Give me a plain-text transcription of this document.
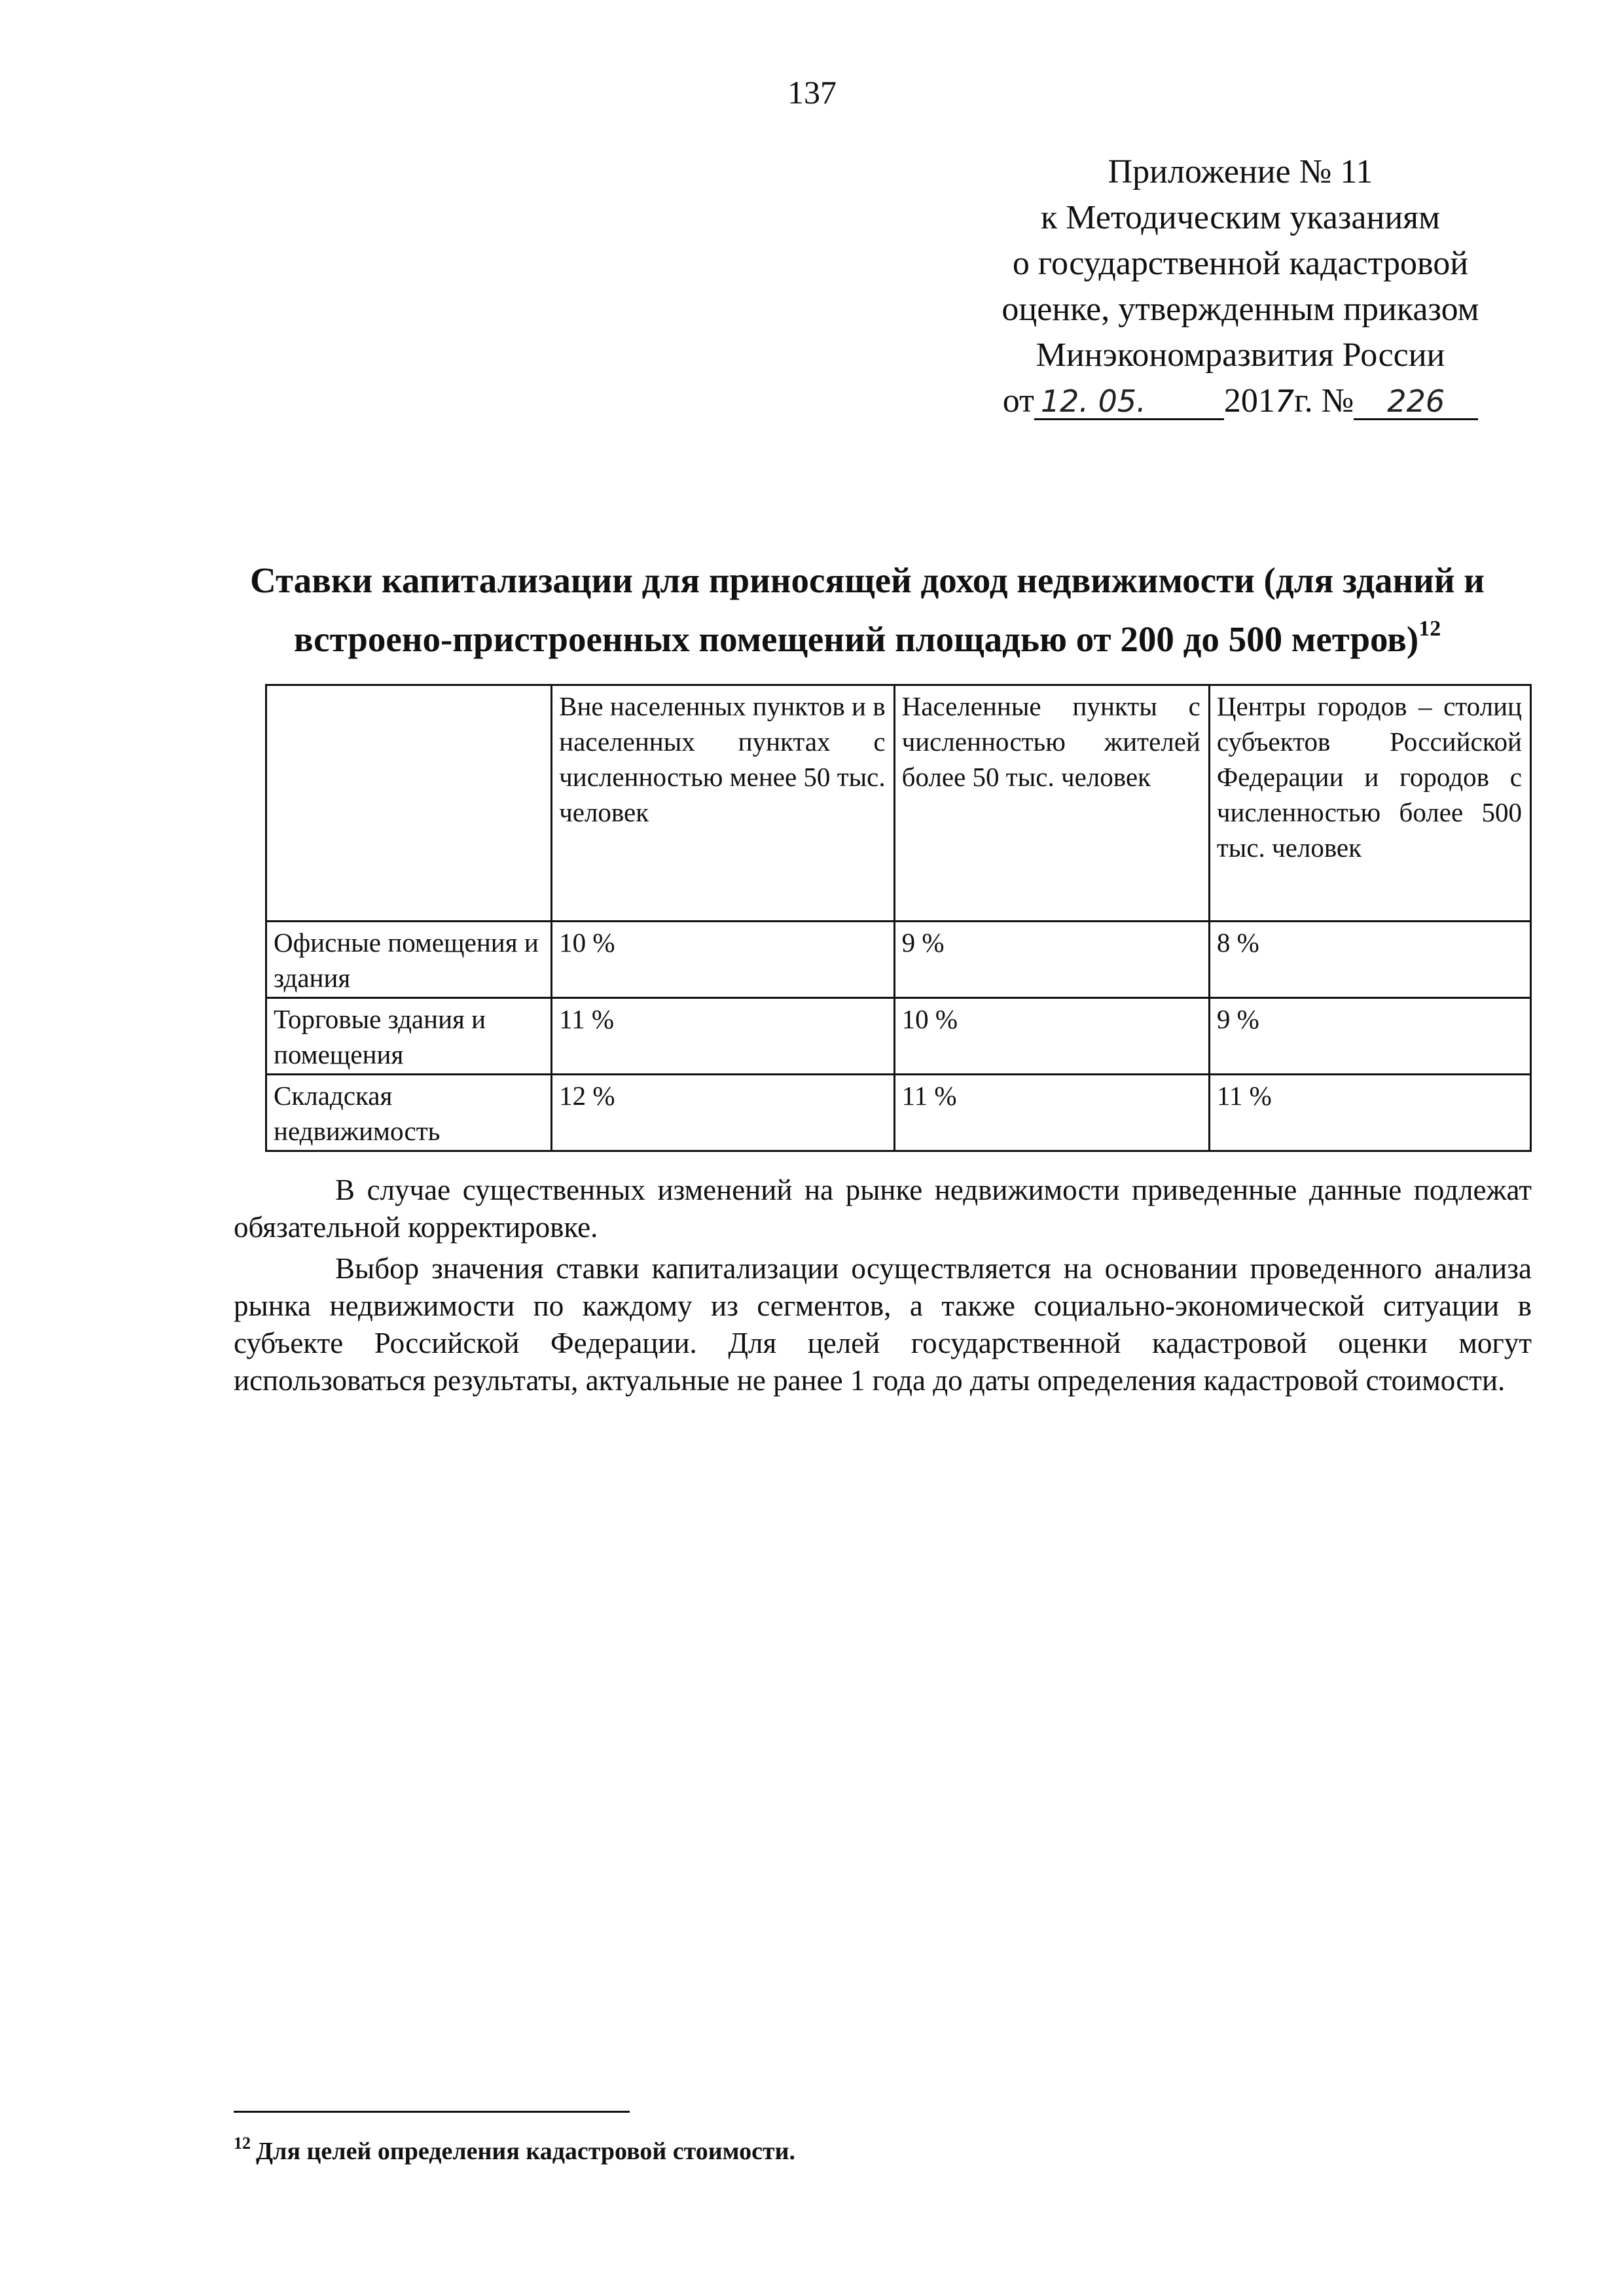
137
Приложение № 11
к Методическим указаниям
о государственной кадастровой
оценке, утвержденным приказом
Минэкономразвития России
от 12. 05. 2017г. № 226
Ставки капитализации для приносящей доход недвижимости (для зданий и встроено-пристроенных помещений площадью от 200 до 500 метров)$^{12}$
	Вне населенных пунктов и в населенных пунктах с численностью менее 50 тыс. человек	Населенные пункты с численностью жителей более 50 тыс. человек	Центры городов – столиц субъектов Российской Федерации и городов с численностью более 500 тыс. человек
Офисные помещения и здания	10 %	9 %	8 %
Торговые здания и помещения	11 %	10 %	9 %
Складская недвижимость	12 %	11 %	11 %

В случае существенных изменений на рынке недвижимости приведенные данные подлежат обязательной корректировке.

Выбор значения ставки капитализации осуществляется на основании проведенного анализа рынка недвижимости по каждому из сегментов, а также социально-экономической ситуации в субъекте Российской Федерации. Для целей государственной кадастровой оценки могут использоваться результаты, актуальные не ранее 1 года до даты определения кадастровой стоимости.

$^{12}$ Для целей определения кадастровой стоимости.
